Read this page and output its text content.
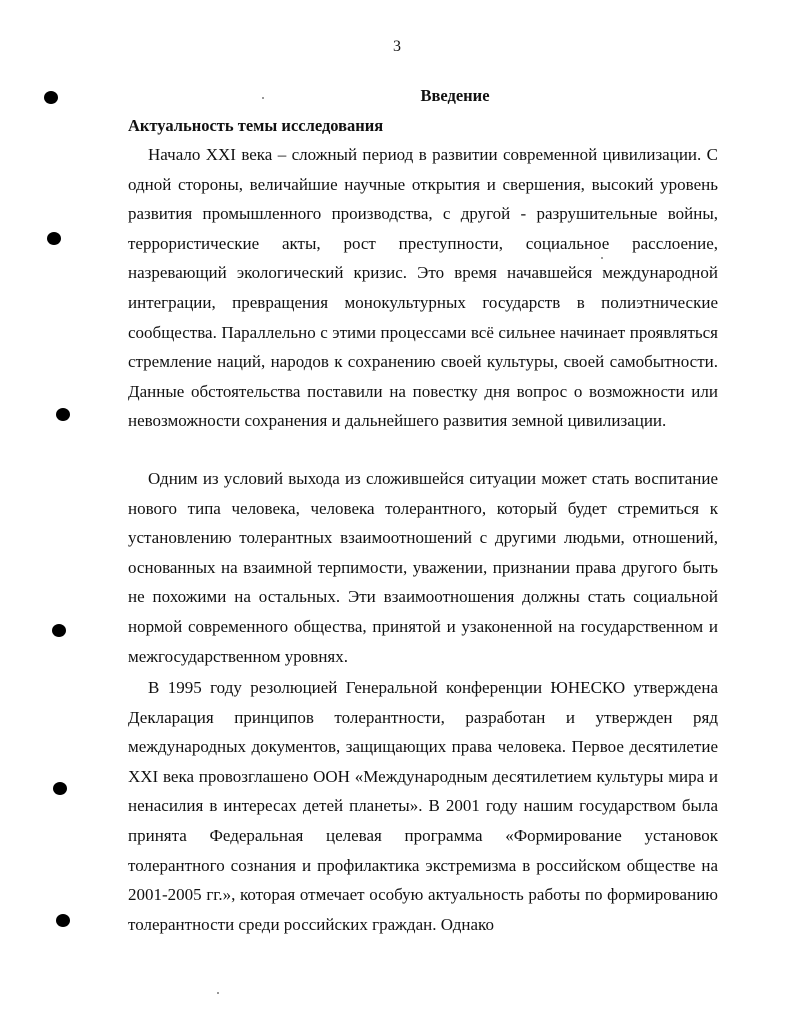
3
Введение
Актуальность темы исследования

Начало XXI века – сложный период в развитии современной цивилизации. С одной стороны, величайшие научные открытия и свершения, высокий уровень развития промышленного производства, с другой - разрушительные войны, террористические акты, рост преступности, социальное расслоение, назревающий экологический кризис. Это время начавшейся международной интеграции, превращения монокультурных государств в полиэтнические сообщества. Параллельно с этими процессами всё сильнее начинает проявляться стремление наций, народов к сохранению своей культуры, своей самобытности. Данные обстоятельства поставили на повестку дня вопрос о возможности или невозможности сохранения и дальнейшего развития земной цивилизации.

Одним из условий выхода из сложившейся ситуации может стать воспитание нового типа человека, человека толерантного, который будет стремиться к установлению толерантных взаимоотношений с другими людьми, отношений, основанных на взаимной терпимости, уважении, признании права другого быть не похожими на остальных. Эти взаимоотношения должны стать социальной нормой современного общества, принятой и узаконенной на государственном и межгосударственном уровнях.

В 1995 году резолюцией Генеральной конференции ЮНЕСКО утверждена Декларация принципов толерантности, разработан и утвержден ряд международных документов, защищающих права человека. Первое десятилетие XXI века провозглашено ООН «Международным десятилетием культуры мира и ненасилия в интересах детей планеты». В 2001 году нашим государством была принята Федеральная целевая программа «Формирование установок толерантного сознания и профилактика экстремизма в российском обществе на 2001-2005 гг.», которая отмечает особую актуальность работы по формированию толерантности среди российских граждан. Однако
